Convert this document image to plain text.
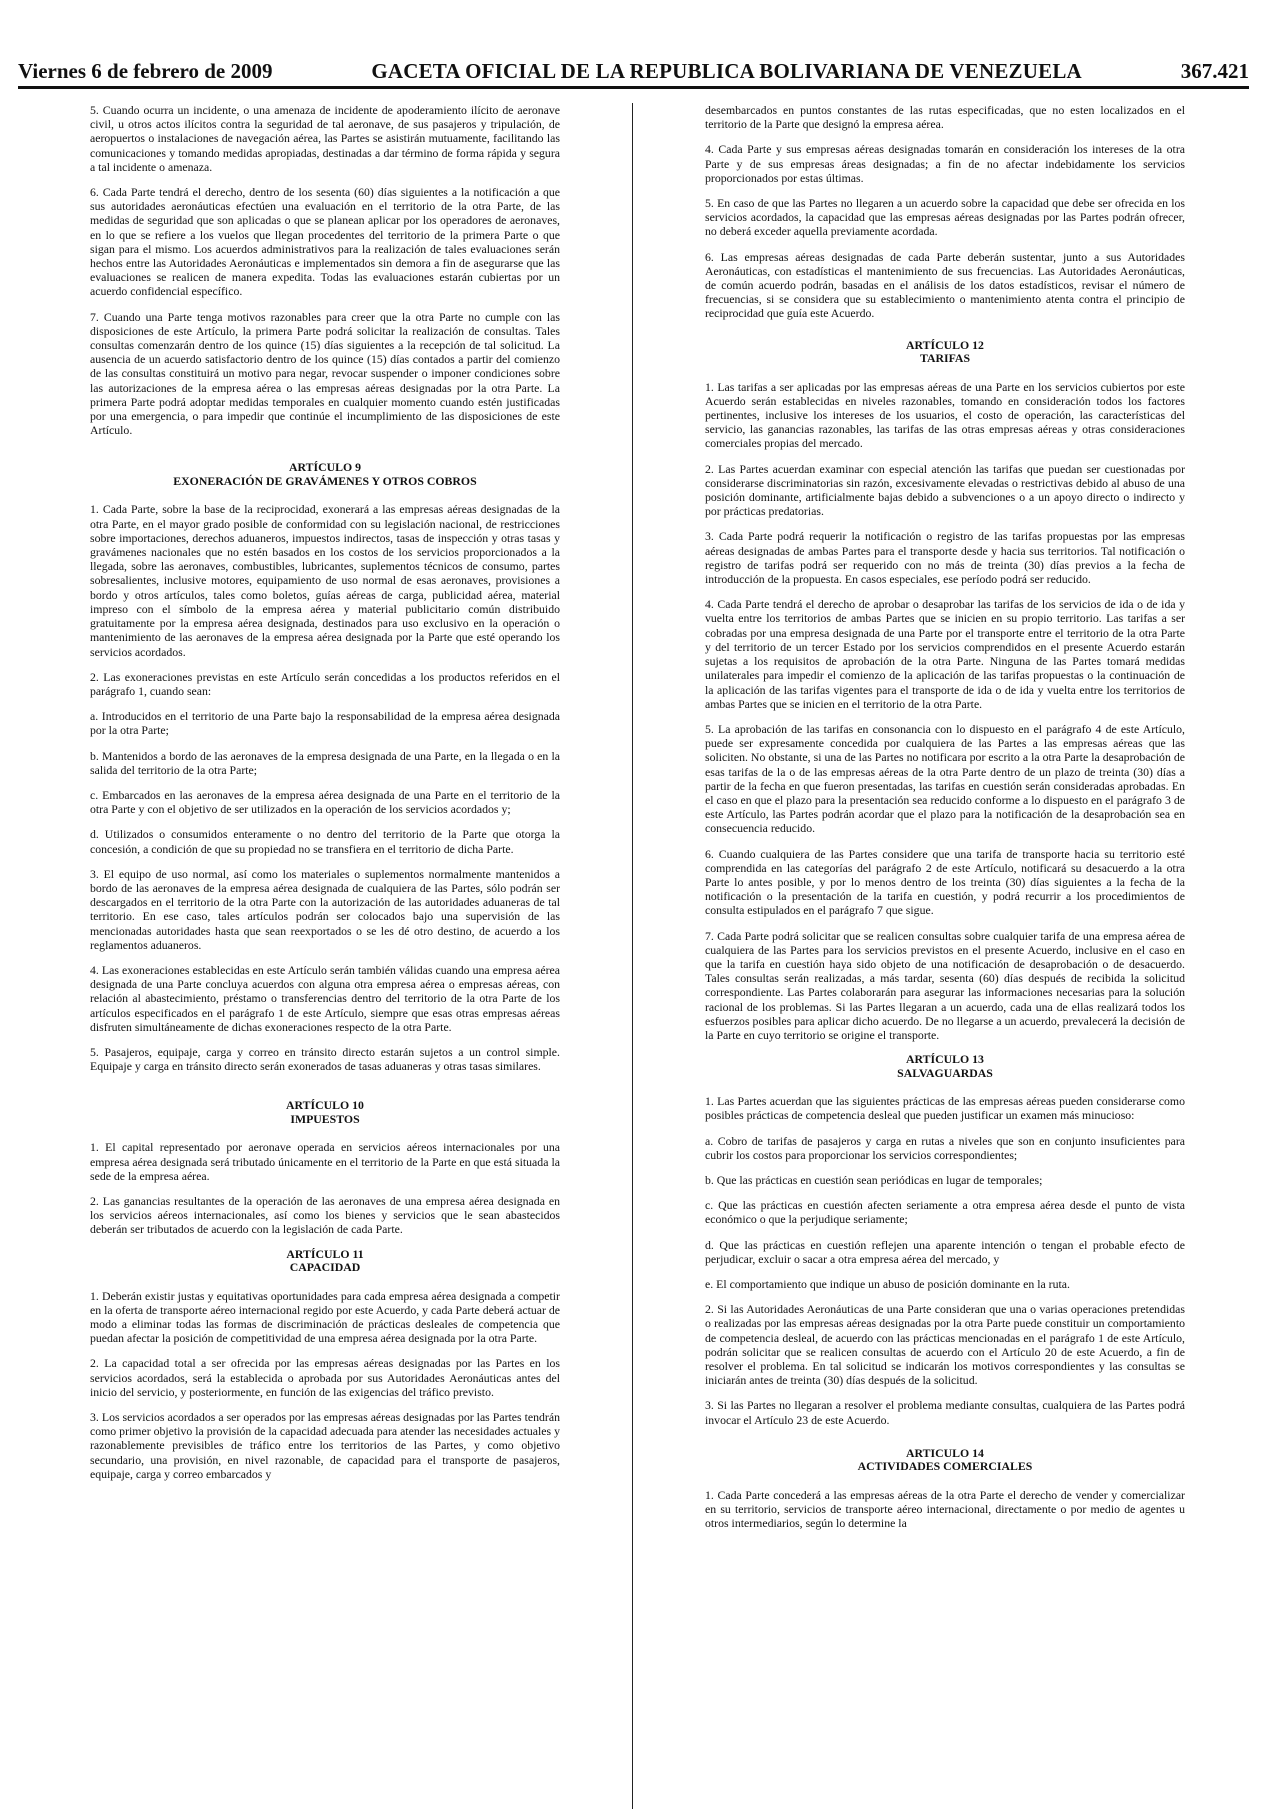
Viernes 6 de febrero de 2009	GACETA OFICIAL DE LA REPUBLICA BOLIVARIANA DE VENEZUELA	367.421

5. Cuando ocurra un incidente, o una amenaza de incidente de apoderamiento ilícito de aeronave civil, u otros actos ilícitos contra la seguridad de tal aeronave, de sus pasajeros y tripulación, de aeropuertos o instalaciones de navegación aérea, las Partes se asistirán mutuamente, facilitando las comunicaciones y tomando medidas apropiadas, destinadas a dar término de forma rápida y segura a tal incidente o amenaza.

6. Cada Parte tendrá el derecho, dentro de los sesenta (60) días siguientes a la notificación a que sus autoridades aeronáuticas efectúen una evaluación en el territorio de la otra Parte, de las medidas de seguridad que son aplicadas o que se planean aplicar por los operadores de aeronaves, en lo que se refiere a los vuelos que llegan procedentes del territorio de la primera Parte o que sigan para el mismo. Los acuerdos administrativos para la realización de tales evaluaciones serán hechos entre las Autoridades Aeronáuticas e implementados sin demora a fin de asegurarse que las evaluaciones se realicen de manera expedita. Todas las evaluaciones estarán cubiertas por un acuerdo confidencial específico.

7. Cuando una Parte tenga motivos razonables para creer que la otra Parte no cumple con las disposiciones de este Artículo, la primera Parte podrá solicitar la realización de consultas. Tales consultas comenzarán dentro de los quince (15) días siguientes a la recepción de tal solicitud. La ausencia de un acuerdo satisfactorio dentro de los quince (15) días contados a partir del comienzo de las consultas constituirá un motivo para negar, revocar suspender o imponer condiciones sobre las autorizaciones de la empresa aérea o las empresas aéreas designadas por la otra Parte. La primera Parte podrá adoptar medidas temporales en cualquier momento cuando estén justificadas por una emergencia, o para impedir que continúe el incumplimiento de las disposiciones de este Artículo.

ARTÍCULO 9
EXONERACIÓN DE GRAVÁMENES Y OTROS COBROS

1. Cada Parte, sobre la base de la reciprocidad, exonerará a las empresas aéreas designadas de la otra Parte, en el mayor grado posible de conformidad con su legislación nacional, de restricciones sobre importaciones, derechos aduaneros, impuestos indirectos, tasas de inspección y otras tasas y gravámenes nacionales que no estén basados en los costos de los servicios proporcionados a la llegada, sobre las aeronaves, combustibles, lubricantes, suplementos técnicos de consumo, partes sobresalientes, inclusive motores, equipamiento de uso normal de esas aeronaves, provisiones a bordo y otros artículos, tales como boletos, guías aéreas de carga, publicidad aérea, material impreso con el símbolo de la empresa aérea y material publicitario común distribuido gratuitamente por la empresa aérea designada, destinados para uso exclusivo en la operación o mantenimiento de las aeronaves de la empresa aérea designada por la Parte que esté operando los servicios acordados.

2. Las exoneraciones previstas en este Artículo serán concedidas a los productos referidos en el parágrafo 1, cuando sean:

a. Introducidos en el territorio de una Parte bajo la responsabilidad de la empresa aérea designada por la otra Parte;

b. Mantenidos a bordo de las aeronaves de la empresa designada de una Parte, en la llegada o en la salida del territorio de la otra Parte;

c. Embarcados en las aeronaves de la empresa aérea designada de una Parte en el territorio de la otra Parte y con el objetivo de ser utilizados en la operación de los servicios acordados y;

d. Utilizados o consumidos enteramente o no dentro del territorio de la Parte que otorga la concesión, a condición de que su propiedad no se transfiera en el territorio de dicha Parte.

3. El equipo de uso normal, así como los materiales o suplementos normalmente mantenidos a bordo de las aeronaves de la empresa aérea designada de cualquiera de las Partes, sólo podrán ser descargados en el territorio de la otra Parte con la autorización de las autoridades aduaneras de tal territorio. En ese caso, tales artículos podrán ser colocados bajo una supervisión de las mencionadas autoridades hasta que sean reexportados o se les dé otro destino, de acuerdo a los reglamentos aduaneros.

4. Las exoneraciones establecidas en este Artículo serán también válidas cuando una empresa aérea designada de una Parte concluya acuerdos con alguna otra empresa aérea o empresas aéreas, con relación al abastecimiento, préstamo o transferencias dentro del territorio de la otra Parte de los artículos especificados en el parágrafo 1 de este Artículo, siempre que esas otras empresas aéreas disfruten simultáneamente de dichas exoneraciones respecto de la otra Parte.

5. Pasajeros, equipaje, carga y correo en tránsito directo estarán sujetos a un control simple. Equipaje y carga en tránsito directo serán exonerados de tasas aduaneras y otras tasas similares.

ARTÍCULO 10
IMPUESTOS

1. El capital representado por aeronave operada en servicios aéreos internacionales por una empresa aérea designada será tributado únicamente en el territorio de la Parte en que está situada la sede de la empresa aérea.

2. Las ganancias resultantes de la operación de las aeronaves de una empresa aérea designada en los servicios aéreos internacionales, así como los bienes y servicios que le sean abastecidos deberán ser tributados de acuerdo con la legislación de cada Parte.

ARTÍCULO 11
CAPACIDAD

1. Deberán existir justas y equitativas oportunidades para cada empresa aérea designada a competir en la oferta de transporte aéreo internacional regido por este Acuerdo, y cada Parte deberá actuar de modo a eliminar todas las formas de discriminación de prácticas desleales de competencia que puedan afectar la posición de competitividad de una empresa aérea designada por la otra Parte.

2. La capacidad total a ser ofrecida por las empresas aéreas designadas por las Partes en los servicios acordados, será la establecida o aprobada por sus Autoridades Aeronáuticas antes del inicio del servicio, y posteriormente, en función de las exigencias del tráfico previsto.

3. Los servicios acordados a ser operados por las empresas aéreas designadas por las Partes tendrán como primer objetivo la provisión de la capacidad adecuada para atender las necesidades actuales y razonablemente previsibles de tráfico entre los territorios de las Partes, y como objetivo secundario, una provisión, en nivel razonable, de capacidad para el transporte de pasajeros, equipaje, carga y correo embarcados y

desembarcados en puntos constantes de las rutas especificadas, que no esten localizados en el territorio de la Parte que designó la empresa aérea.

4. Cada Parte y sus empresas aéreas designadas tomarán en consideración los intereses de la otra Parte y de sus empresas áreas designadas; a fin de no afectar indebidamente los servicios proporcionados por estas últimas.

5. En caso de que las Partes no llegaren a un acuerdo sobre la capacidad que debe ser ofrecida en los servicios acordados, la capacidad que las empresas aéreas designadas por las Partes podrán ofrecer, no deberá exceder aquella previamente acordada.

6. Las empresas aéreas designadas de cada Parte deberán sustentar, junto a sus Autoridades Aeronáuticas, con estadísticas el mantenimiento de sus frecuencias. Las Autoridades Aeronáuticas, de común acuerdo podrán, basadas en el análisis de los datos estadísticos, revisar el número de frecuencias, si se considera que su establecimiento o mantenimiento atenta contra el principio de reciprocidad que guía este Acuerdo.

ARTÍCULO 12
TARIFAS

1. Las tarifas a ser aplicadas por las empresas aéreas de una Parte en los servicios cubiertos por este Acuerdo serán establecidas en niveles razonables, tomando en consideración todos los factores pertinentes, inclusive los intereses de los usuarios, el costo de operación, las características del servicio, las ganancias razonables, las tarifas de las otras empresas aéreas y otras consideraciones comerciales propias del mercado.

2. Las Partes acuerdan examinar con especial atención las tarifas que puedan ser cuestionadas por considerarse discriminatorias sin razón, excesivamente elevadas o restrictivas debido al abuso de una posición dominante, artificialmente bajas debido a subvenciones o a un apoyo directo o indirecto y por prácticas predatorias.

3. Cada Parte podrá requerir la notificación o registro de las tarifas propuestas por las empresas aéreas designadas de ambas Partes para el transporte desde y hacia sus territorios. Tal notificación o registro de tarifas podrá ser requerido con no más de treinta (30) días previos a la fecha de introducción de la propuesta. En casos especiales, ese período podrá ser reducido.

4. Cada Parte tendrá el derecho de aprobar o desaprobar las tarifas de los servicios de ida o de ida y vuelta entre los territorios de ambas Partes que se inicien en su propio territorio. Las tarifas a ser cobradas por una empresa designada de una Parte por el transporte entre el territorio de la otra Parte y del territorio de un tercer Estado por los servicios comprendidos en el presente Acuerdo estarán sujetas a los requisitos de aprobación de la otra Parte. Ninguna de las Partes tomará medidas unilaterales para impedir el comienzo de la aplicación de las tarifas propuestas o la continuación de la aplicación de las tarifas vigentes para el transporte de ida o de ida y vuelta entre los territorios de ambas Partes que se inicien en el territorio de la otra Parte.

5. La aprobación de las tarifas en consonancia con lo dispuesto en el parágrafo 4 de este Artículo, puede ser expresamente concedida por cualquiera de las Partes a las empresas aéreas que las soliciten. No obstante, si una de las Partes no notificara por escrito a la otra Parte la desaprobación de esas tarifas de la o de las empresas aéreas de la otra Parte dentro de un plazo de treinta (30) días a partir de la fecha en que fueron presentadas, las tarifas en cuestión serán consideradas aprobadas. En el caso en que el plazo para la presentación sea reducido conforme a lo dispuesto en el parágrafo 3 de este Artículo, las Partes podrán acordar que el plazo para la notificación de la desaprobación sea en consecuencia reducido.

6. Cuando cualquiera de las Partes considere que una tarifa de transporte hacia su territorio esté comprendida en las categorías del parágrafo 2 de este Artículo, notificará su desacuerdo a la otra Parte lo antes posible, y por lo menos dentro de los treinta (30) días siguientes a la fecha de la notificación o la presentación de la tarifa en cuestión, y podrá recurrir a los procedimientos de consulta estipulados en el parágrafo 7 que sigue.

7. Cada Parte podrá solicitar que se realicen consultas sobre cualquier tarifa de una empresa aérea de cualquiera de las Partes para los servicios previstos en el presente Acuerdo, inclusive en el caso en que la tarifa en cuestión haya sido objeto de una notificación de desaprobación o de desacuerdo. Tales consultas serán realizadas, a más tardar, sesenta (60) días después de recibida la solicitud correspondiente. Las Partes colaborarán para asegurar las informaciones necesarias para la solución racional de los problemas. Si las Partes llegaran a un acuerdo, cada una de ellas realizará todos los esfuerzos posibles para aplicar dicho acuerdo. De no llegarse a un acuerdo, prevalecerá la decisión de la Parte en cuyo territorio se origine el transporte.

ARTÍCULO 13
SALVAGUARDAS

1. Las Partes acuerdan que las siguientes prácticas de las empresas aéreas pueden considerarse como posibles prácticas de competencia desleal que pueden justificar un examen más minucioso:

a. Cobro de tarifas de pasajeros y carga en rutas a niveles que son en conjunto insuficientes para cubrir los costos para proporcionar los servicios correspondientes;

b. Que las prácticas en cuestión sean periódicas en lugar de temporales;

c. Que las prácticas en cuestión afecten seriamente a otra empresa aérea desde el punto de vista económico o que la perjudique seriamente;

d. Que las prácticas en cuestión reflejen una aparente intención o tengan el probable efecto de perjudicar, excluir o sacar a otra empresa aérea del mercado, y

e. El comportamiento que indique un abuso de posición dominante en la ruta.

2. Si las Autoridades Aeronáuticas de una Parte consideran que una o varias operaciones pretendidas o realizadas por las empresas aéreas designadas por la otra Parte puede constituir un comportamiento de competencia desleal, de acuerdo con las prácticas mencionadas en el parágrafo 1 de este Artículo, podrán solicitar que se realicen consultas de acuerdo con el Artículo 20 de este Acuerdo, a fin de resolver el problema. En tal solicitud se indicarán los motivos correspondientes y las consultas se iniciarán antes de treinta (30) días después de la solicitud.

3. Si las Partes no llegaran a resolver el problema mediante consultas, cualquiera de las Partes podrá invocar el Artículo 23 de este Acuerdo.

ARTICULO 14
ACTIVIDADES COMERCIALES

1. Cada Parte concederá a las empresas aéreas de la otra Parte el derecho de vender y comercializar en su territorio, servicios de transporte aéreo internacional, directamente o por medio de agentes u otros intermediarios, según lo determine la
